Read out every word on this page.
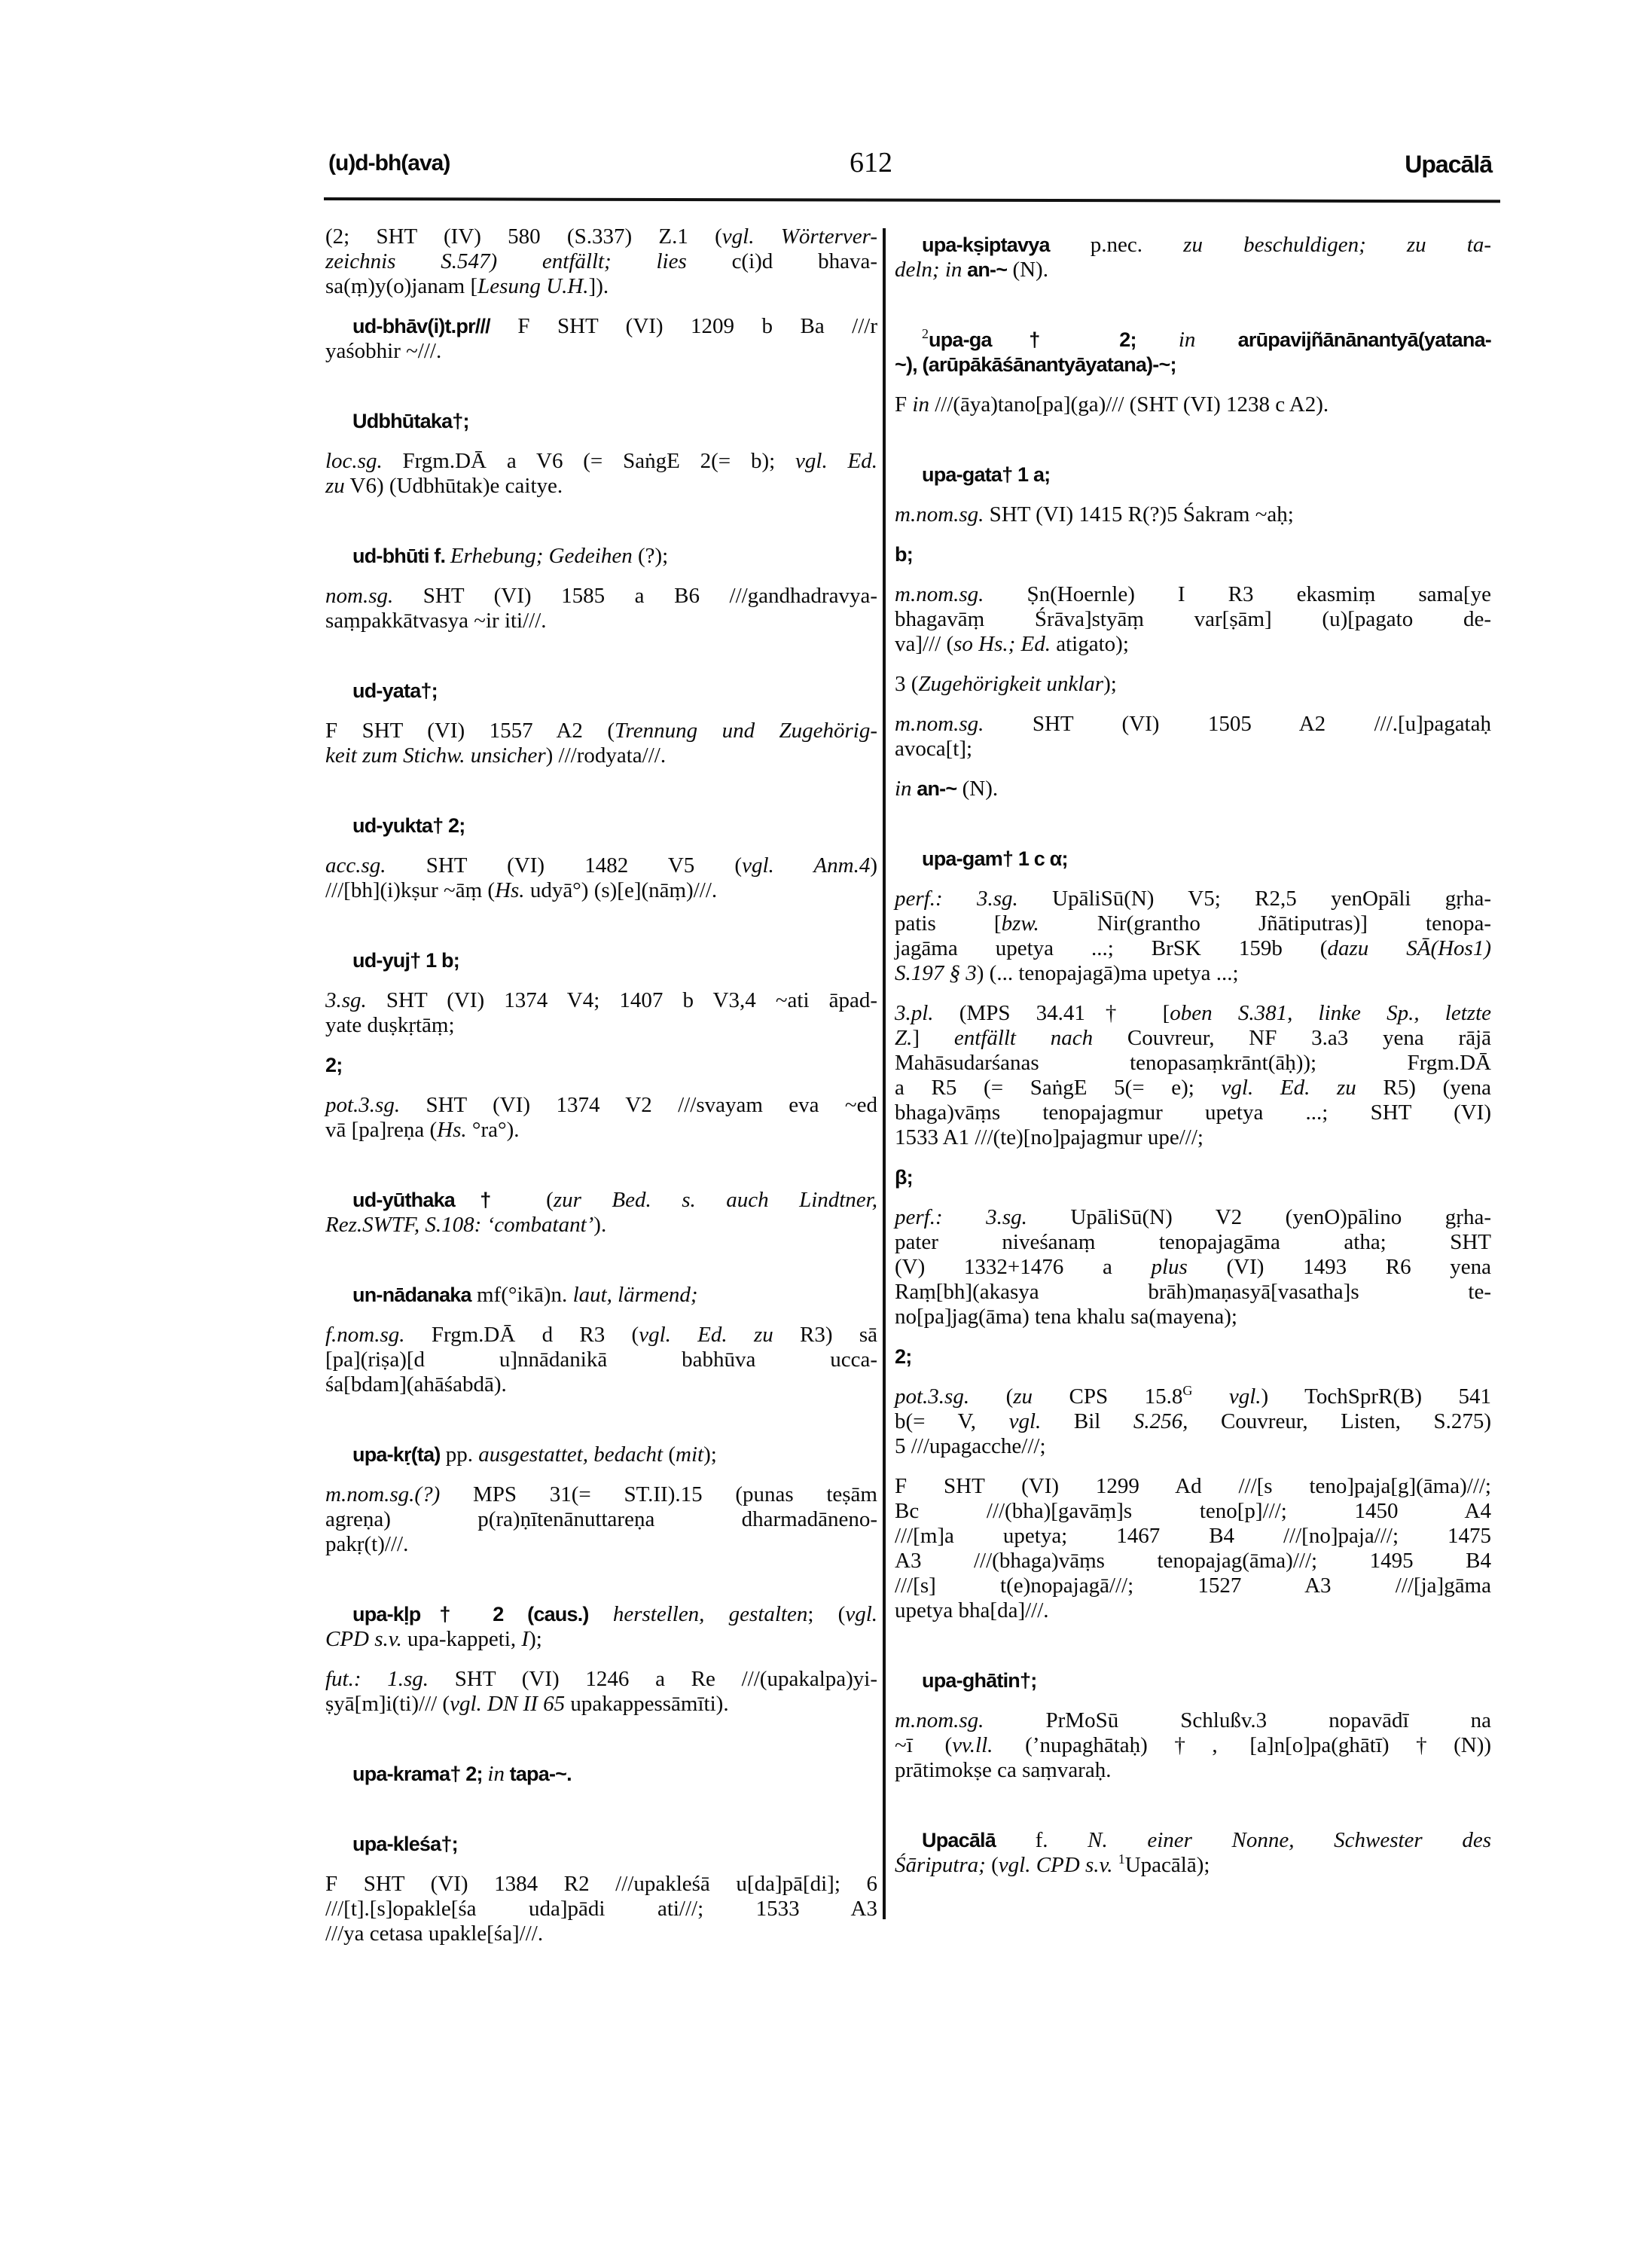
(u)d-bh(ava)	612	Upacālā
(2; SHT (IV) 580 (S.337) Z.1 (vgl. Wörterver-
zeichnis S.547) entfällt; lies c(i)d bhava-
sa(ṃ)y(o)janam [Lesung U.H.]).
ud-bhāv(i)t.pr/// F SHT (VI) 1209 b Ba ///r
yaśobhir ~///.
Udbhūtaka†;
loc.sg. Frgm.DĀ a V6 (= SaṅgE 2(= b); vgl. Ed.
zu V6) (Udbhūtak)e caitye.
ud-bhūti f. Erhebung; Gedeihen (?);
nom.sg. SHT (VI) 1585 a B6 ///gandhadravya-
saṃpakkātvasya ~ir iti///.
ud-yata†;
F SHT (VI) 1557 A2 (Trennung und Zugehörig-
keit zum Stichw. unsicher) ///rodyata///.
ud-yukta† 2;
acc.sg. SHT (VI) 1482 V5 (vgl. Anm.4)
///[bh](i)kṣur ~āṃ (Hs. udyā°) (s)[e](nāṃ)///.
ud-yuj† 1 b;
3.sg. SHT (VI) 1374 V4; 1407 b V3,4 ~ati āpad-
yate duṣkṛtāṃ;
2;
pot.3.sg. SHT (VI) 1374 V2 ///svayam eva ~ed
vā [pa]reṇa (Hs. °ra°).
ud-yūthaka† (zur Bed. s. auch Lindtner,
Rez.SWTF, S.108: ‘combatant’).
un-nādanaka mf(°ikā)n. laut, lärmend;
f.nom.sg. Frgm.DĀ d R3 (vgl. Ed. zu R3) sā
[pa](riṣa)[d u]nnādanikā babhūva ucca-
śa[bdam](ahāśabdā).
upa-kṛ(ta) pp. ausgestattet, bedacht (mit);
m.nom.sg.(?) MPS 31(= ST.II).15 (punas teṣām
agreṇa) p(ra)ṇītenānuttareṇa dharmadāneno-
pakṛ(t)///.
upa-kḷp† 2 (caus.) herstellen, gestalten; (vgl.
CPD s.v. upa-kappeti, I);
fut.: 1.sg. SHT (VI) 1246 a Re ///(upakalpa)yi-
ṣyā[m]i(ti)/// (vgl. DN II 65 upakappessāmīti).
upa-krama† 2; in tapa-~.
upa-kleśa†;
F SHT (VI) 1384 R2 ///upakleśā u[da]pā[di]; 6
///[t].[s]opakle[śa uda]pādi ati///; 1533 A3
///ya cetasa upakle[śa]///.
upa-kṣiptavya p.nec. zu beschuldigen; zu ta-
deln; in an-~ (N).
$^2$upa-ga† 2; in arūpavijñānānantyā(yatana-
~), (arūpākāśānantyāyatana)-~;
F in ///(āya)tano[pa](ga)/// (SHT (VI) 1238 c A2).
upa-gata† 1 a;
m.nom.sg. SHT (VI) 1415 R(?)5 Śakram ~aḥ;
b;
m.nom.sg. Ṣn(Hoernle) I R3 ekasmiṃ sama[ye
bhagavāṃ Śrāva]styāṃ var[ṣām] (u)[pagato de-
va]/// (so Hs.; Ed. atigato);
3 (Zugehörigkeit unklar);
m.nom.sg. SHT (VI) 1505 A2 ///.[u]pagataḥ
avoca[t];
in an-~ (N).
upa-gam† 1 c α;
perf.: 3.sg. UpāliSū(N) V5; R2,5 yenOpāli gṛha-
patis [bzw. Nir(grantho Jñātiputras)] tenopa-
jagāma upetya ...; BrSK 159b (dazu SĀ(Hos1)
S.197 § 3) (... tenopajagā)ma upetya ...;
3.pl. (MPS 34.41† [oben S.381, linke Sp., letzte
Z.] entfällt nach Couvreur, NF 3.a3 yena rājā
Mahāsudarśanas tenopasaṃkrānt(āḥ)); Frgm.DĀ
a R5 (= SaṅgE 5(= e); vgl. Ed. zu R5) (yena
bhaga)vāṃs tenopajagmur upetya ...; SHT (VI)
1533 A1 ///(te)[no]pajagmur upe///;
β;
perf.: 3.sg. UpāliSū(N) V2 (yenO)pālino gṛha-
pater niveśanaṃ tenopajagāma atha; SHT
(V) 1332+1476 a plus (VI) 1493 R6 yena
Raṃ[bh](akasya brāh)maṇasyā[vasatha]s te-
no[pa]jag(āma) tena khalu sa(mayena);
2;
pot.3.sg. (zu CPS $15.8^G$ vgl.) TochSprR(B) 541
b(= V, vgl. Bil S.256, Couvreur, Listen, S.275)
5 ///upagacche///;
F SHT (VI) 1299 Ad ///[s teno]paja[g](āma)///;
Bc ///(bha)[gavāṃ]s teno[p]///; 1450 A4
///[m]a upetya; 1467 B4 ///[no]paja///; 1475
A3 ///(bhaga)vāṃs tenopajag(āma)///; 1495 B4
///[s] t(e)nopajagā///; 1527 A3 ///[ja]gāma
upetya bha[da]///.
upa-ghātin†;
m.nom.sg. PrMoSū Schlußv.3 nopavādī na
~ī (vv.ll. (’nupaghātaḥ)†, [a]n[o]pa(ghātī)†(N))
prātimokṣe ca saṃvaraḥ.
Upacālā f. N. einer Nonne, Schwester des
Śāriputra; (vgl. CPD s.v. $^1$Upacālā);
